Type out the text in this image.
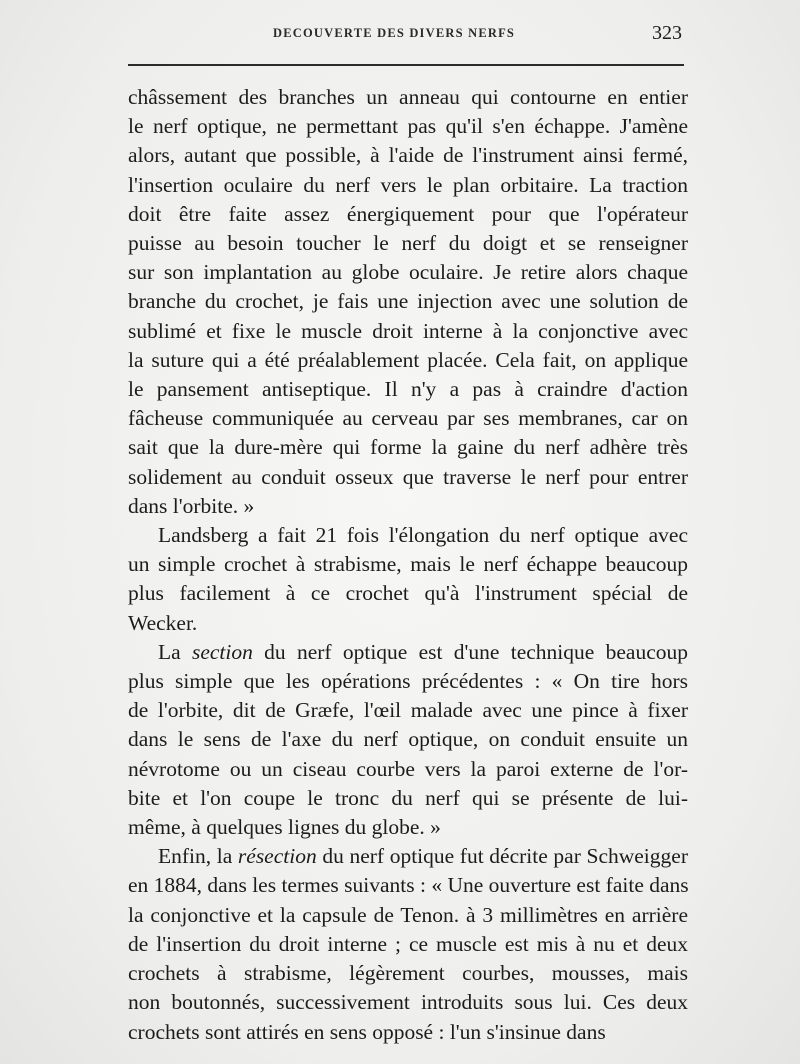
DECOUVERTE DES DIVERS NERFS	323
châssement des branches un anneau qui contourne en entier
le nerf optique, ne permettant pas qu'il s'en échappe. J'amène
alors, autant que possible, à l'aide de l'instrument ainsi fermé,
l'insertion oculaire du nerf vers le plan orbitaire. La traction
doit être faite assez énergiquement pour que l'opérateur
puisse au besoin toucher le nerf du doigt et se renseigner
sur son implantation au globe oculaire. Je retire alors chaque
branche du crochet, je fais une injection avec une solution de
sublimé et fixe le muscle droit interne à la conjonctive avec
la suture qui a été préalablement placée. Cela fait, on applique
le pansement antiseptique. Il n'y a pas à craindre d'action
fâcheuse communiquée au cerveau par ses membranes, car on
sait que la dure-mère qui forme la gaine du nerf adhère très
solidement au conduit osseux que traverse le nerf pour entrer
dans l'orbite. »
Landsberg a fait 21 fois l'élongation du nerf optique avec
un simple crochet à strabisme, mais le nerf échappe beaucoup
plus facilement à ce crochet qu'à l'instrument spécial de
Wecker.
La section du nerf optique est d'une technique beaucoup
plus simple que les opérations précédentes : « On tire hors
de l'orbite, dit de Græfe, l'œil malade avec une pince à fixer
dans le sens de l'axe du nerf optique, on conduit ensuite un
névrotome ou un ciseau courbe vers la paroi externe de l'or-
bite et l'on coupe le tronc du nerf qui se présente de lui-
même, à quelques lignes du globe. »
Enfin, la résection du nerf optique fut décrite par Schweigger
en 1884, dans les termes suivants : « Une ouverture est faite dans
la conjonctive et la capsule de Tenon. à 3 millimètres en arrière
de l'insertion du droit interne ; ce muscle est mis à nu et deux
crochets à strabisme, légèrement courbes, mousses, mais
non boutonnés, successivement introduits sous lui. Ces deux
crochets sont attirés en sens opposé : l'un s'insinue dans
